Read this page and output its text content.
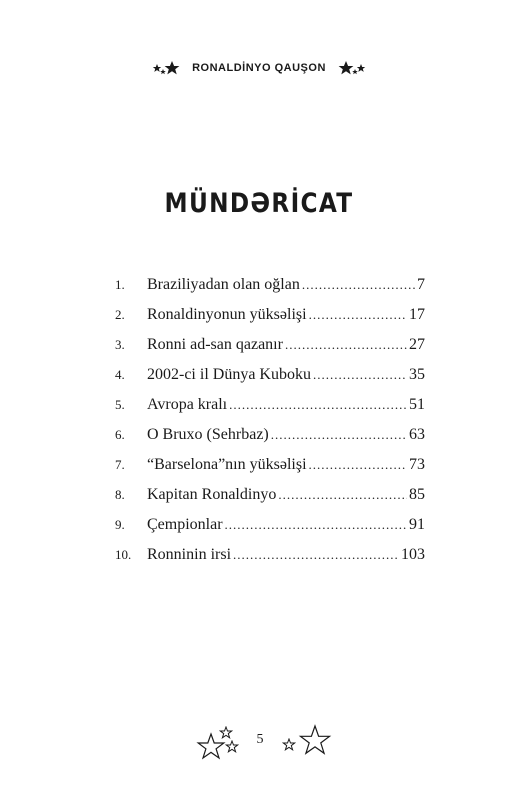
RONALDİNYO QAUŞON
MÜNDƏRİCAT
1.	Braziliyadan olan oğlan .....	7
2.	Ronaldinyonun yüksəlişi .....	17
3.	Ronni ad-san qazanır .....	27
4.	2002-ci il Dünya Kuboku .....	35
5.	Avropa kralı .....	51
6.	O Bruxo (Sehrbaz) .....	63
7.	“Barselona”nın yüksəlişi .....	73
8.	Kapitan Ronaldinyo .....	85
9.	Çempionlar .....	91
10. Ronninin irsi .....	103
5
